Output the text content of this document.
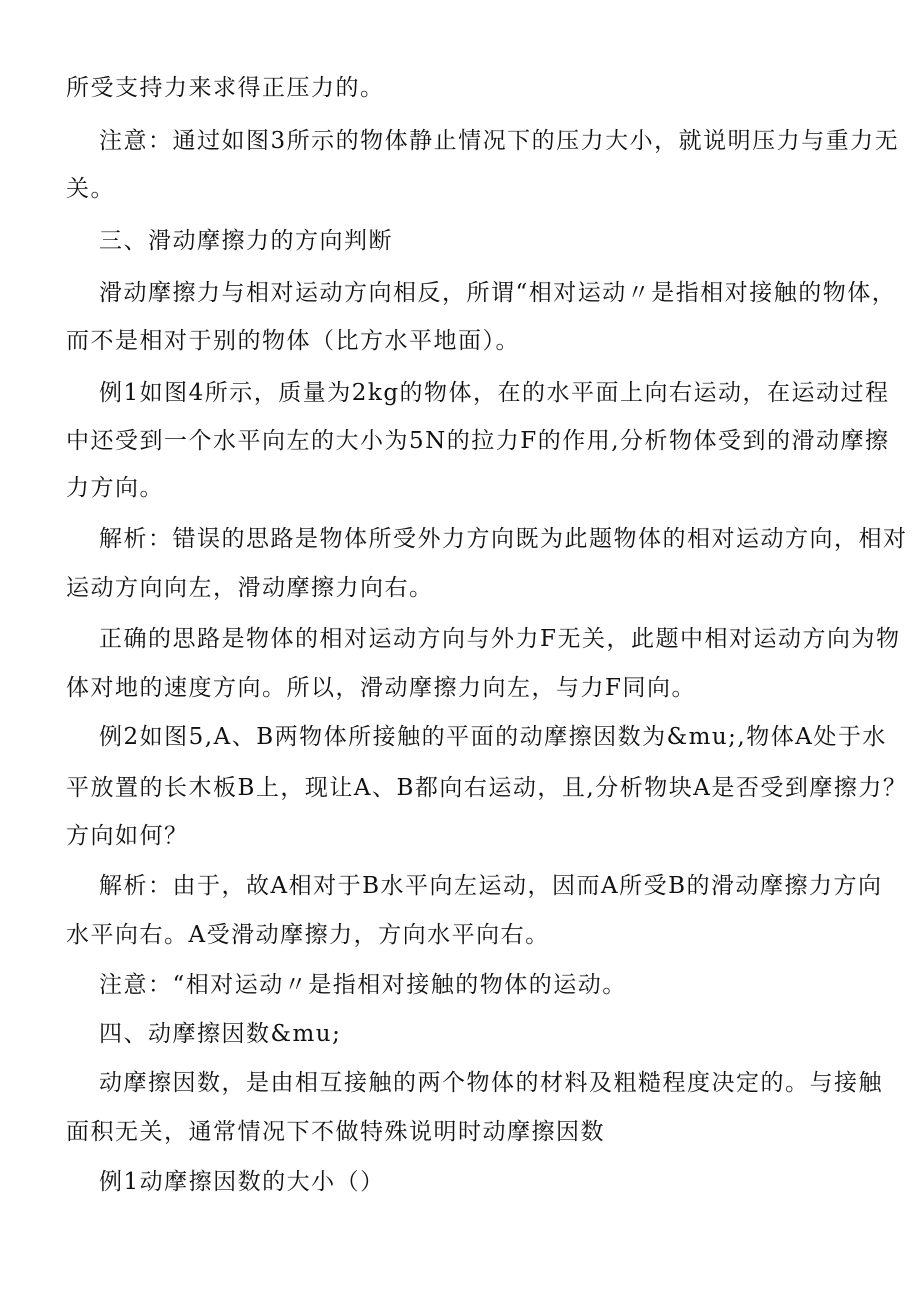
所受支持力来求得正压力的。
注意：通过如图3所示的物体静止情况下的压力大小，就说明压力与重力无
关。
三、滑动摩擦力的方向判断
滑动摩擦力与相对运动方向相反，所谓“相对运动〃是指相对接触的物体，
而不是相对于别的物体（比方水平地面）。
例1如图4所示，质量为2kg的物体，在的水平面上向右运动，在运动过程
中还受到一个水平向左的大小为5N的拉力F的作用,分析物体受到的滑动摩擦
力方向。
解析：错误的思路是物体所受外力方向既为此题物体的相对运动方向，相对
运动方向向左，滑动摩擦力向右。
正确的思路是物体的相对运动方向与外力F无关，此题中相对运动方向为物
体对地的速度方向。所以，滑动摩擦力向左，与力F同向。
例2如图5,A、B两物体所接触的平面的动摩擦因数为&mu;,物体A处于水
平放置的长木板B上，现让A、B都向右运动，且,分析物块A是否受到摩擦力？
方向如何？
解析：由于，故A相对于B水平向左运动，因而A所受B的滑动摩擦力方向
水平向右。A受滑动摩擦力，方向水平向右。
注意：“相对运动〃是指相对接触的物体的运动。
四、动摩擦因数&mu;
动摩擦因数，是由相互接触的两个物体的材料及粗糙程度决定的。与接触
面积无关，通常情况下不做特殊说明时动摩擦因数
例1动摩擦因数的大小（）
